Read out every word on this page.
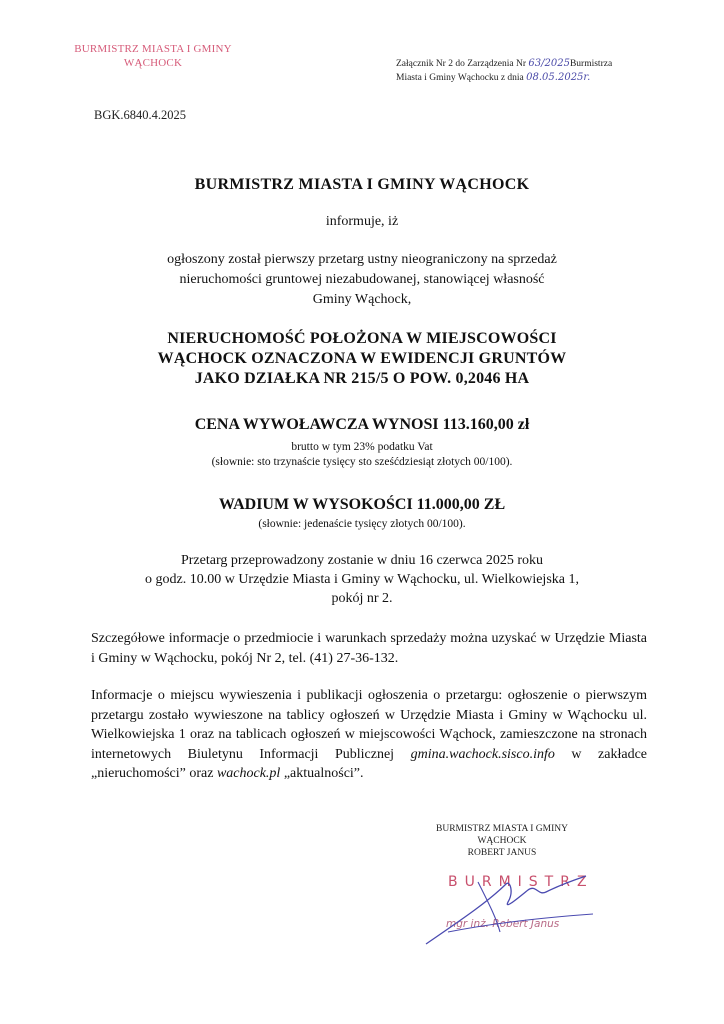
BURMISTRZ MIASTA I GMINY
WĄCHOCK	Załącznik Nr 2 do Zarządzenia Nr 63/2025Burmistrza
Miasta i Gminy Wąchocku z dnia 08.05.2025r.
BGK.6840.4.2025
BURMISTRZ MIASTA I GMINY WĄCHOCK
informuje, iż
ogłoszony został pierwszy przetarg ustny nieograniczony na sprzedaż
nieruchomości gruntowej niezabudowanej, stanowiącej własność
Gminy Wąchock,
NIERUCHOMOŚĆ POŁOŻONA W MIEJSCOWOŚCI
WĄCHOCK OZNACZONA W EWIDENCJI GRUNTÓW
JAKO DZIAŁKA NR 215/5 O POW. 0,2046 HA
CENA WYWOŁAWCZA WYNOSI 113.160,00 zł
brutto w tym 23% podatku Vat
(słownie: sto trzynaście tysięcy sto sześćdziesiąt złotych 00/100).
WADIUM W WYSOKOŚCI 11.000,00 ZŁ
(słownie: jedenaście tysięcy złotych 00/100).
Przetarg przeprowadzony zostanie w dniu 16 czerwca 2025 roku
o godz. 10.00 w Urzędzie Miasta i Gminy w Wąchocku, ul. Wielkowiejska 1,
pokój nr 2.
Szczegółowe informacje o przedmiocie i warunkach sprzedaży można uzyskać w Urzędzie Miasta i Gminy w Wąchocku, pokój Nr 2, tel. (41) 27-36-132.
Informacje o miejscu wywieszenia i publikacji ogłoszenia o przetargu: ogłoszenie o pierwszym przetargu zostało wywieszone na tablicy ogłoszeń w Urzędzie Miasta i Gminy w Wąchocku ul. Wielkowiejska 1 oraz na tablicach ogłoszeń w miejscowości Wąchock, zamieszczone na stronach internetowych Biuletynu Informacji Publicznej gmina.wachock.sisco.info w zakładce „nieruchomości” oraz wachock.pl „aktualności”.
BURMISTRZ MIASTA I GMINY
WĄCHOCK
ROBERT JANUS
BURMISTRZ
mgr inż. Robert Janus
